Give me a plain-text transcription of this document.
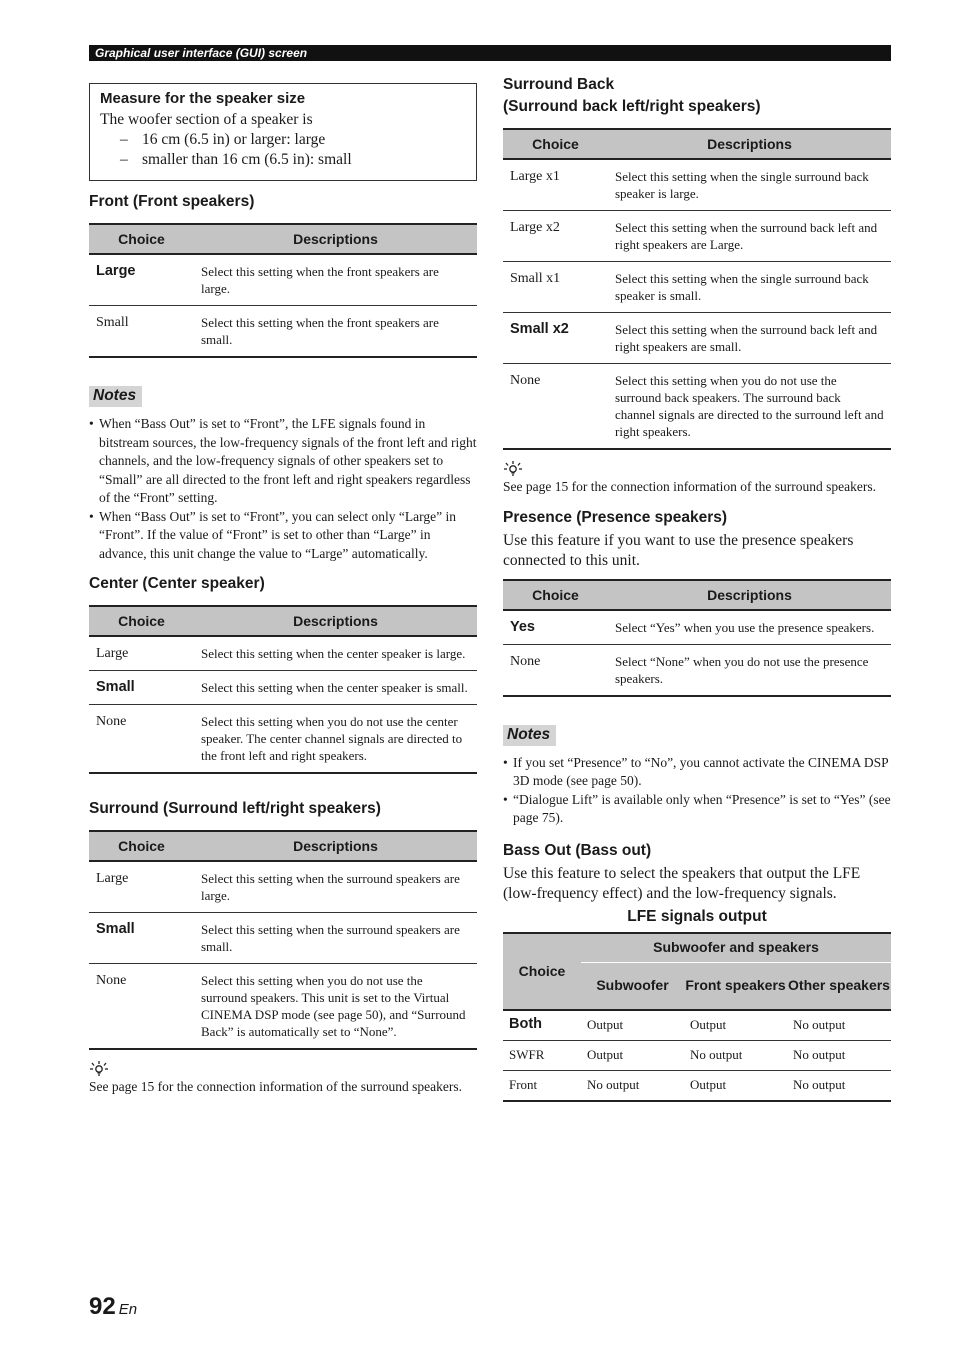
Graphical user interface (GUI) screen
Measure for the speaker size
The woofer section of a speaker is
– 16 cm (6.5 in) or larger: large
– smaller than 16 cm (6.5 in): small
Front (Front speakers)
Choice	Descriptions
Large	Select this setting when the front speakers are large.
Small	Select this setting when the front speakers are small.
Notes
• When “Bass Out” is set to “Front”, the LFE signals found in bitstream sources, the low-frequency signals of the front left and right channels, and the low-frequency signals of other speakers set to “Small” are all directed to the front left and right speakers regardless of the “Front” setting.
• When “Bass Out” is set to “Front”, you can select only “Large” in “Front”. If the value of “Front” is set to other than “Large” in advance, this unit change the value to “Large” automatically.
Center (Center speaker)
Choice	Descriptions
Large	Select this setting when the center speaker is large.
Small	Select this setting when the center speaker is small.
None	Select this setting when you do not use the center speaker. The center channel signals are directed to the front left and right speakers.
Surround (Surround left/right speakers)
Choice	Descriptions
Large	Select this setting when the surround speakers are large.
Small	Select this setting when the surround speakers are small.
None	Select this setting when you do not use the surround speakers. This unit is set to the Virtual CINEMA DSP mode (see page 50), and “Surround Back” is automatically set to “None”.

See page 15 for the connection information of the surround speakers.

Surround Back
(Surround back left/right speakers)
Choice	Descriptions
Large x1	Select this setting when the single surround back speaker is large.
Large x2	Select this setting when the surround back left and right speakers are Large.
Small x1	Select this setting when the single surround back speaker is small.
Small x2	Select this setting when the surround back left and right speakers are small.
None	Select this setting when you do not use the surround back speakers. The surround back channel signals are directed to the surround left and right speakers.

See page 15 for the connection information of the surround speakers.

Presence (Presence speakers)

Use this feature if you want to use the presence speakers connected to this unit.

Choice	Descriptions
Yes	Select “Yes” when you use the presence speakers.
None	Select “None” when you do not use the presence speakers.
Notes
• If you set “Presence” to “No”, you cannot activate the CINEMA DSP 3D mode (see page 50).
• “Dialogue Lift” is available only when “Presence” is set to “Yes” (see page 75).
Bass Out (Bass out)

Use this feature to select the speakers that output the LFE (low-frequency effect) and the low-frequency signals.

LFE signals output
Choice	Subwoofer and speakers		
	Subwoofer	Front speakers	Other speakers
Both	Output	Output	No output
SWFR	Output	No output	No output
Front	No output	Output	No output
92 En
